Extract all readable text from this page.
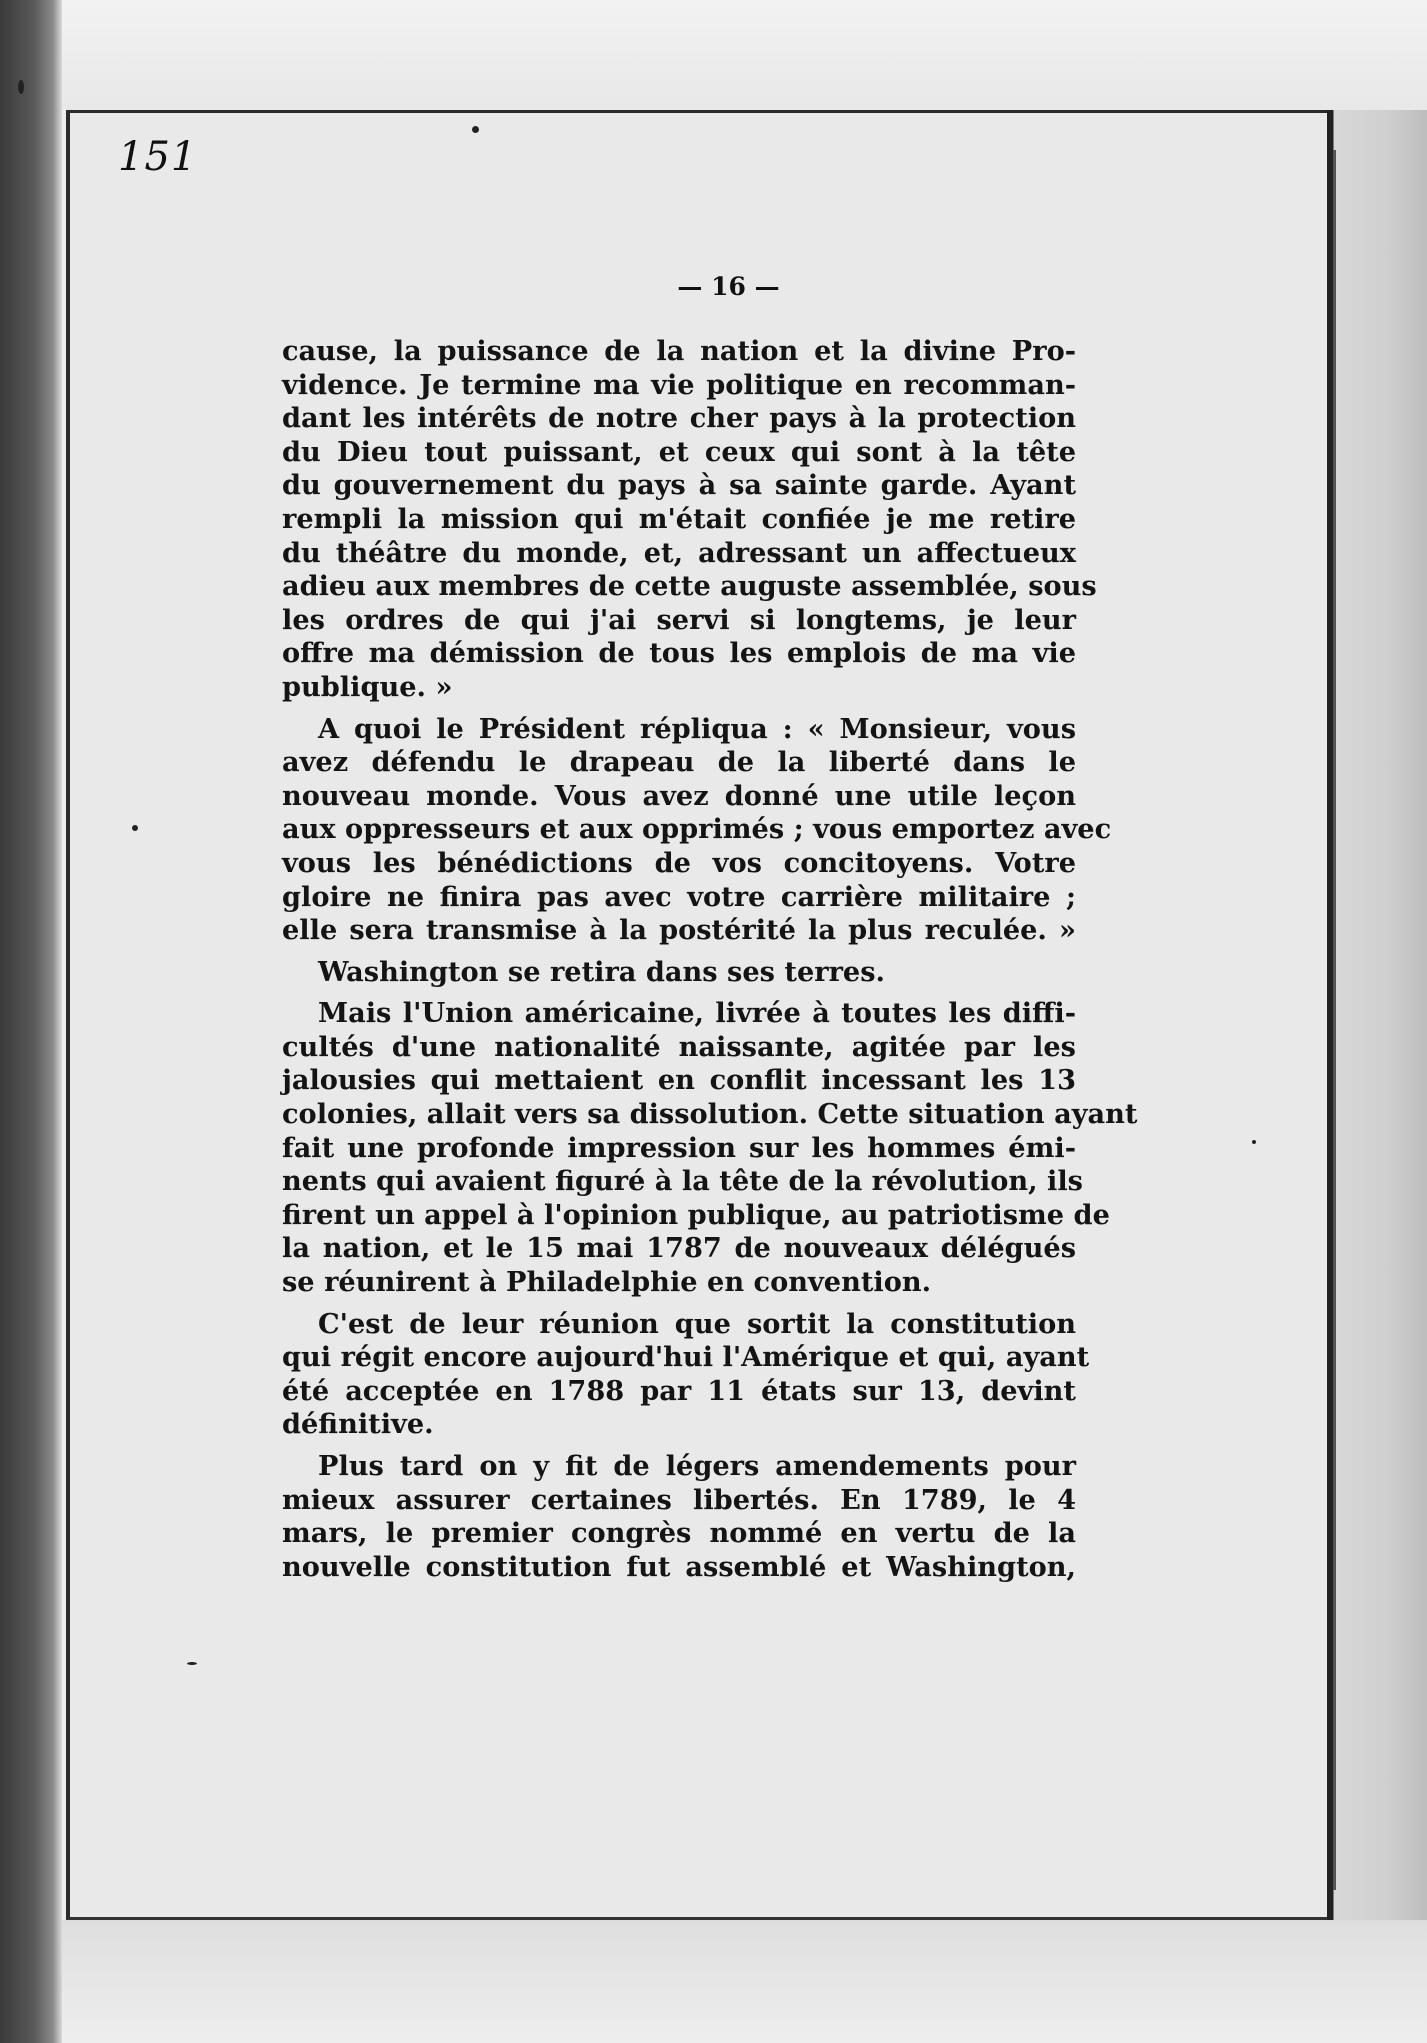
151
— 16 —
cause, la puissance de la nation et la divine Pro-
vidence. Je termine ma vie politique en recomman-
dant les intérêts de notre cher pays à la protection
du Dieu tout puissant, et ceux qui sont à la tête
du gouvernement du pays à sa sainte garde. Ayant
rempli la mission qui m'était confiée je me retire
du théâtre du monde, et, adressant un affectueux
adieu aux membres de cette auguste assemblée, sous
les ordres de qui j'ai servi si longtems, je leur
offre ma démission de tous les emplois de ma vie
publique. »
A quoi le Président répliqua : « Monsieur, vous
avez défendu le drapeau de la liberté dans le
nouveau monde. Vous avez donné une utile leçon
aux oppresseurs et aux opprimés ; vous emportez avec
vous les bénédictions de vos concitoyens. Votre
gloire ne finira pas avec votre carrière militaire ;
elle sera transmise à la postérité la plus reculée. »
Washington se retira dans ses terres.
Mais l'Union américaine, livrée à toutes les diffi-
cultés d'une nationalité naissante, agitée par les
jalousies qui mettaient en conflit incessant les 13
colonies, allait vers sa dissolution. Cette situation ayant
fait une profonde impression sur les hommes émi-
nents qui avaient figuré à la tête de la révolution, ils
firent un appel à l'opinion publique, au patriotisme de
la nation, et le 15 mai 1787 de nouveaux délégués
se réunirent à Philadelphie en convention.
C'est de leur réunion que sortit la constitution
qui régit encore aujourd'hui l'Amérique et qui, ayant
été acceptée en 1788 par 11 états sur 13, devint
définitive.
Plus tard on y fit de légers amendements pour
mieux assurer certaines libertés. En 1789, le 4
mars, le premier congrès nommé en vertu de la
nouvelle constitution fut assemblé et Washington,
